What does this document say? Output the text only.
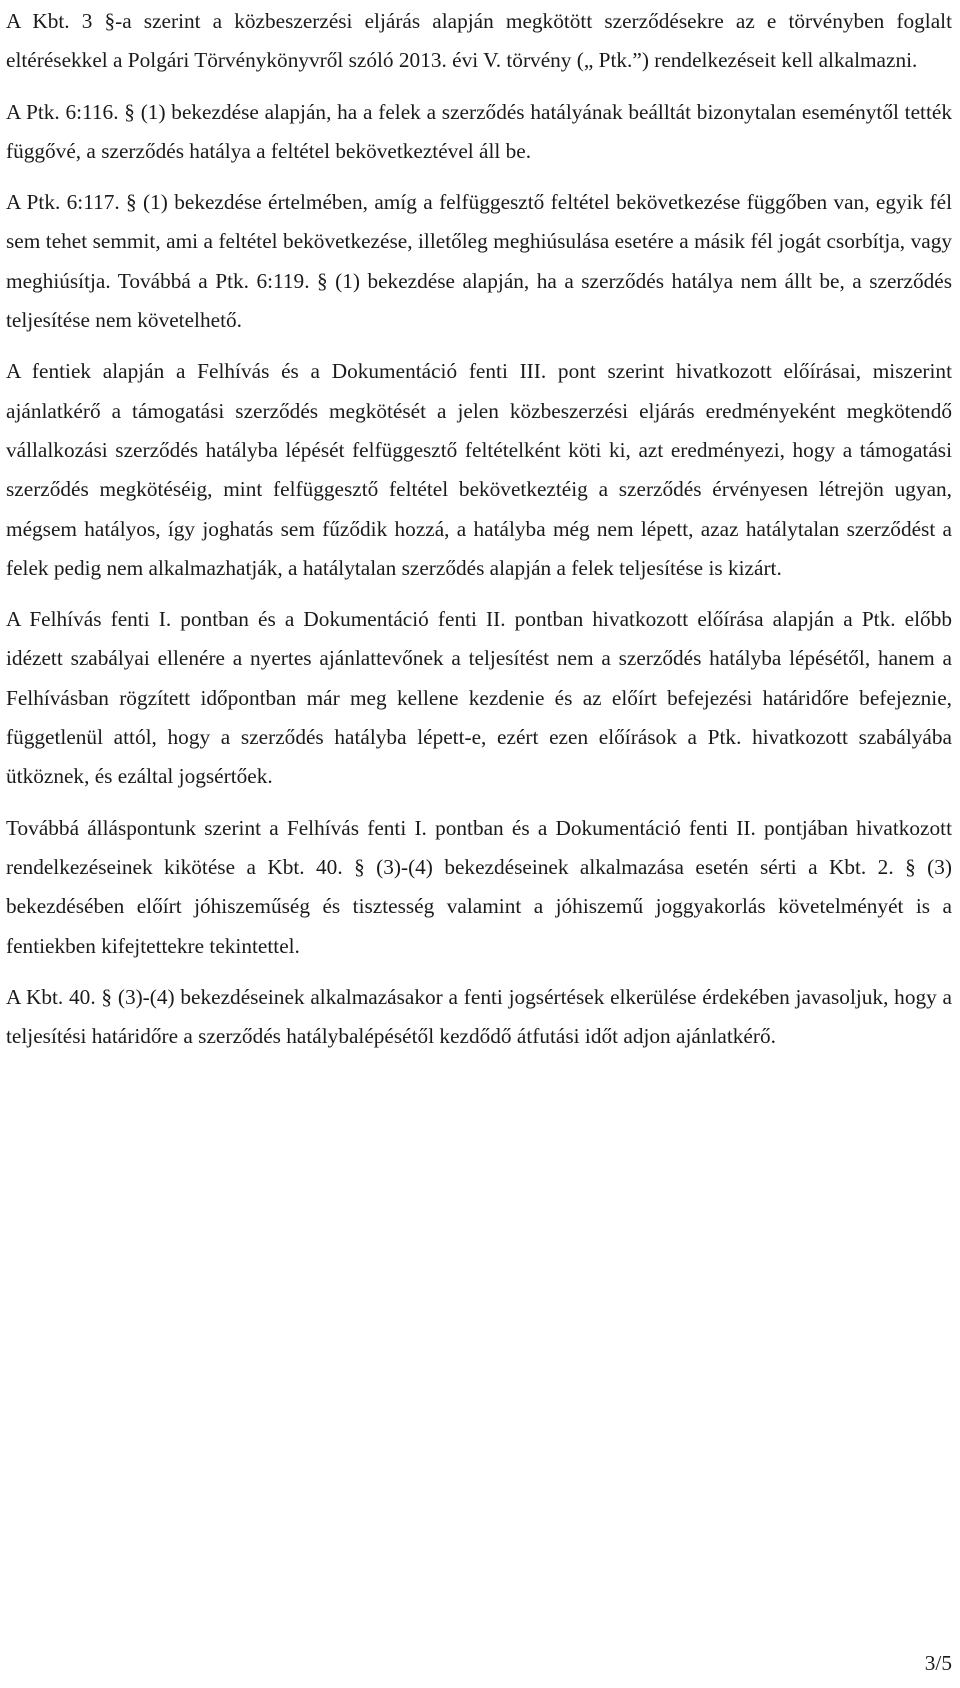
A Kbt. 3 §-a szerint a közbeszerzési eljárás alapján megkötött szerződésekre az e törvényben foglalt eltérésekkel a Polgári Törvénykönyvről szóló 2013. évi V. törvény („ Ptk.”) rendelkezéseit kell alkalmazni.

A Ptk. 6:116. § (1) bekezdése alapján, ha a felek a szerződés hatályának beálltát bizonytalan eseménytől tették függővé, a szerződés hatálya a feltétel bekövetkeztével áll be.

A Ptk. 6:117. § (1) bekezdése értelmében, amíg a felfüggesztő feltétel bekövetkezése függőben van, egyik fél sem tehet semmit, ami a feltétel bekövetkezése, illetőleg meghiúsulása esetére a másik fél jogát csorbítja, vagy meghiúsítja. Továbbá a Ptk. 6:119. § (1) bekezdése alapján, ha a szerződés hatálya nem állt be, a szerződés teljesítése nem követelhető.

A fentiek alapján a Felhívás és a Dokumentáció fenti III. pont szerint hivatkozott előírásai, miszerint ajánlatkérő a támogatási szerződés megkötését a jelen közbeszerzési eljárás eredményeként megkötendő vállalkozási szerződés hatályba lépését felfüggesztő feltételként köti ki, azt eredményezi, hogy a támogatási szerződés megkötéséig, mint felfüggesztő feltétel bekövetkeztéig a szerződés érvényesen létrejön ugyan, mégsem hatályos, így joghatás sem fűződik hozzá, a hatályba még nem lépett, azaz hatálytalan szerződést a felek pedig nem alkalmazhatják, a hatálytalan szerződés alapján a felek teljesítése is kizárt.

A Felhívás fenti I. pontban és a Dokumentáció fenti II. pontban hivatkozott előírása alapján a Ptk. előbb idézett szabályai ellenére a nyertes ajánlattevőnek a teljesítést nem a szerződés hatályba lépésétől, hanem a Felhívásban rögzített időpontban már meg kellene kezdenie és az előírt befejezési határidőre befejeznie, függetlenül attól, hogy a szerződés hatályba lépett-e, ezért ezen előírások a Ptk. hivatkozott szabályába ütköznek, és ezáltal jogsértőek.

Továbbá álláspontunk szerint a Felhívás fenti I. pontban és a Dokumentáció fenti II. pontjában hivatkozott rendelkezéseinek kikötése a Kbt. 40. § (3)-(4) bekezdéseinek alkalmazása esetén sérti a Kbt. 2. § (3) bekezdésében előírt jóhiszeműség és tisztesség valamint a jóhiszemű joggyakorlás követelményét is a fentiekben kifejtettekre tekintettel.

A Kbt. 40. § (3)-(4) bekezdéseinek alkalmazásakor a fenti jogsértések elkerülése érdekében javasoljuk, hogy a teljesítési határidőre a szerződés hatálybalépésétől kezdődő átfutási időt adjon ajánlatkérő.

3/5
